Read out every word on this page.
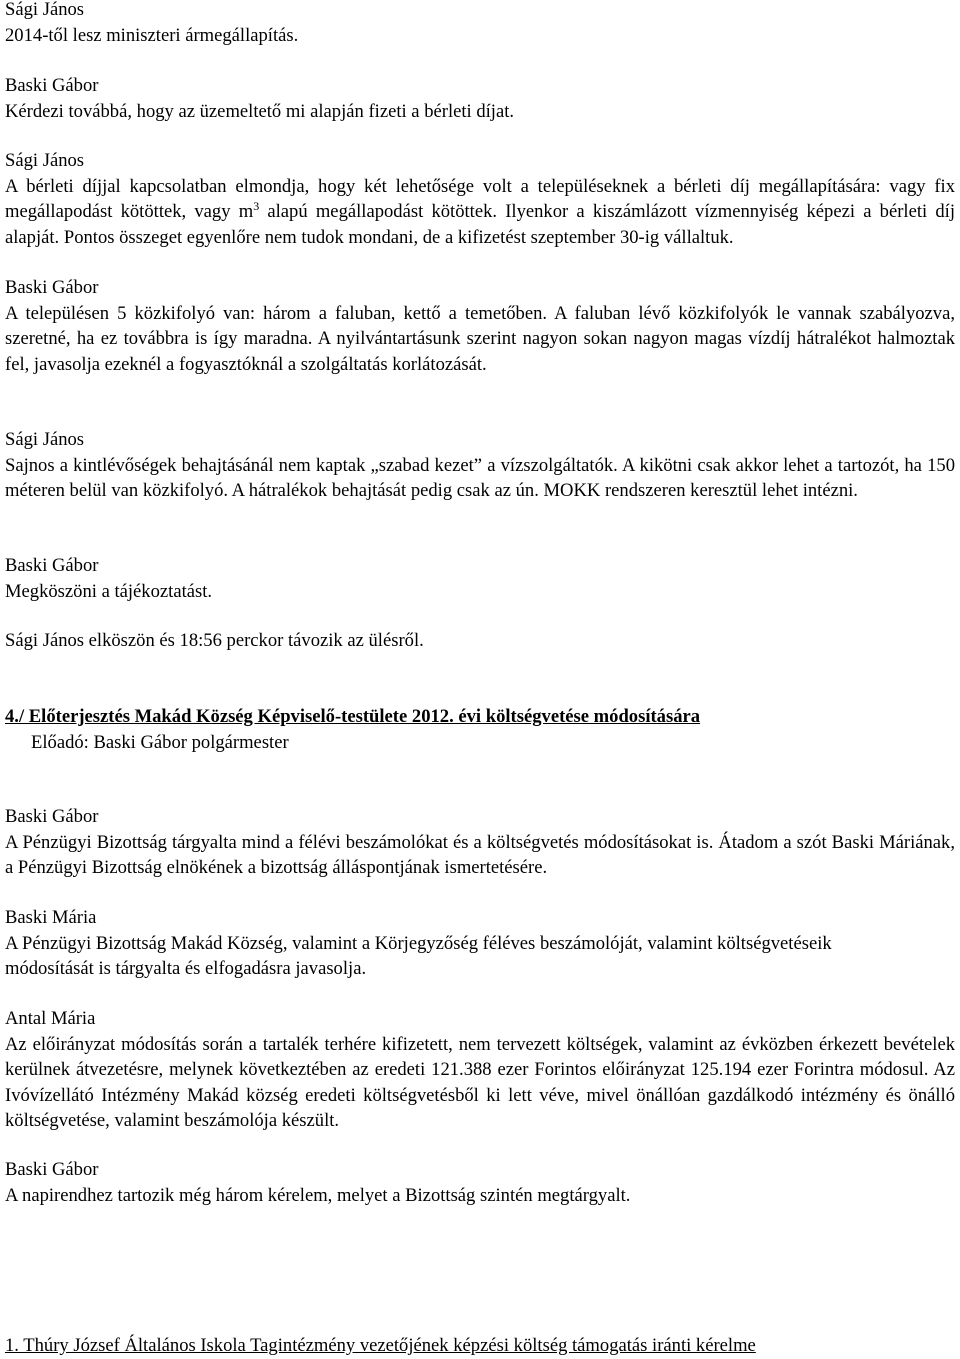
Sági János
2014-től lesz miniszteri ármegállapítás.
Baski Gábor
Kérdezi továbbá, hogy az üzemeltető mi alapján fizeti a bérleti díjat.
Sági János
A bérleti díjjal kapcsolatban elmondja, hogy két lehetősége volt a településeknek a bérleti díj megállapítására: vagy fix megállapodást kötöttek, vagy $m^3$ alapú megállapodást kötöttek. Ilyenkor a kiszámlázott vízmennyiség képezi a bérleti díj alapját. Pontos összeget egyenlőre nem tudok mondani, de a kifizetést szeptember 30-ig vállaltuk.
Baski Gábor
A településen 5 közkifolyó van: három a faluban, kettő a temetőben. A faluban lévő közkifolyók le vannak szabályozva, szeretné, ha ez továbbra is így maradna. A nyilvántartásunk szerint nagyon sokan nagyon magas vízdíj hátralékot halmoztak fel, javasolja ezeknél a fogyasztóknál a szolgáltatás korlátozását.
Sági János
Sajnos a kintlévőségek behajtásánál nem kaptak „szabad kezet” a vízszolgáltatók. A kikötni csak akkor lehet a tartozót, ha 150 méteren belül van közkifolyó. A hátralékok behajtását pedig csak az ún. MOKK rendszeren keresztül lehet intézni.
Baski Gábor
Megköszöni a tájékoztatást.
Sági János elköszön és 18:56 perckor távozik az ülésről.
4./ Előterjesztés Makád Község Képviselő-testülete 2012. évi költségvetése módosítására
Előadó: Baski Gábor polgármester
Baski Gábor
A Pénzügyi Bizottság tárgyalta mind a félévi beszámolókat és a költségvetés módosításokat is. Átadom a szót Baski Máriának, a Pénzügyi Bizottság elnökének a bizottság álláspontjának ismertetésére.
Baski Mária
A Pénzügyi Bizottság Makád Község, valamint a Körjegyzőség féléves beszámolóját, valamint költségvetéseik módosítását is tárgyalta és elfogadásra javasolja.
Antal Mária
Az előirányzat módosítás során a tartalék terhére kifizetett, nem tervezett költségek, valamint az évközben érkezett bevételek kerülnek átvezetésre, melynek következtében az eredeti 121.388 ezer Forintos előirányzat 125.194 ezer Forintra módosul. Az Ivóvízellátó Intézmény Makád község eredeti költségvetésből ki lett véve, mivel önállóan gazdálkodó intézmény és önálló költségvetése, valamint beszámolója készült.
Baski Gábor
A napirendhez tartozik még három kérelem, melyet a Bizottság szintén megtárgyalt.
1. Thúry József Általános Iskola Tagintézmény vezetőjének képzési költség támogatás iránti kérelme
